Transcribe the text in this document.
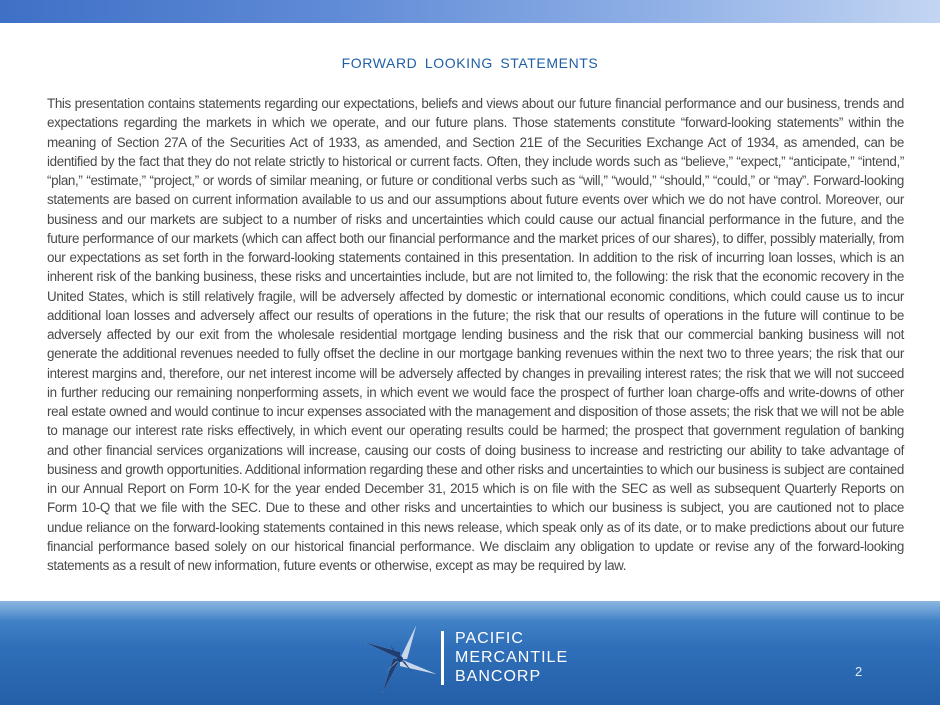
FORWARD LOOKING STATEMENTS

This presentation contains statements regarding our expectations, beliefs and views about our future financial performance and our business, trends and expectations regarding the markets in which we operate, and our future plans. Those statements constitute “forward-looking statements” within the meaning of Section 27A of the Securities Act of 1933, as amended, and Section 21E of the Securities Exchange Act of 1934, as amended, can be identified by the fact that they do not relate strictly to historical or current facts. Often, they include words such as “believe,” “expect,” “anticipate,” “intend,” “plan,” “estimate,” “project,” or words of similar meaning, or future or conditional verbs such as “will,” “would,” “should,” “could,” or “may”. Forward-looking statements are based on current information available to us and our assumptions about future events over which we do not have control. Moreover, our business and our markets are subject to a number of risks and uncertainties which could cause our actual financial performance in the future, and the future performance of our markets (which can affect both our financial performance and the market prices of our shares), to differ, possibly materially, from our expectations as set forth in the forward-looking statements contained in this presentation. In addition to the risk of incurring loan losses, which is an inherent risk of the banking business, these risks and uncertainties include, but are not limited to, the following: the risk that the economic recovery in the United States, which is still relatively fragile, will be adversely affected by domestic or international economic conditions, which could cause us to incur additional loan losses and adversely affect our results of operations in the future; the risk that our results of operations in the future will continue to be adversely affected by our exit from the wholesale residential mortgage lending business and the risk that our commercial banking business will not generate the additional revenues needed to fully offset the decline in our mortgage banking revenues within the next two to three years; the risk that our interest margins and, therefore, our net interest income will be adversely affected by changes in prevailing interest rates; the risk that we will not succeed in further reducing our remaining nonperforming assets, in which event we would face the prospect of further loan charge-offs and write-downs of other real estate owned and would continue to incur expenses associated with the management and disposition of those assets; the risk that we will not be able to manage our interest rate risks effectively, in which event our operating results could be harmed; the prospect that government regulation of banking and other financial services organizations will increase, causing our costs of doing business to increase and restricting our ability to take advantage of business and growth opportunities. Additional information regarding these and other risks and uncertainties to which our business is subject are contained in our Annual Report on Form 10-K for the year ended December 31, 2015 which is on file with the SEC as well as subsequent Quarterly Reports on Form 10-Q that we file with the SEC. Due to these and other risks and uncertainties to which our business is subject, you are cautioned not to place undue reliance on the forward-looking statements contained in this news release, which speak only as of its date, or to make predictions about our future financial performance based solely on our historical financial performance. We disclaim any obligation to update or revise any of the forward-looking statements as a result of new information, future events or otherwise, except as may be required by law.

PACIFIC
MERCANTILE
BANCORP	2
